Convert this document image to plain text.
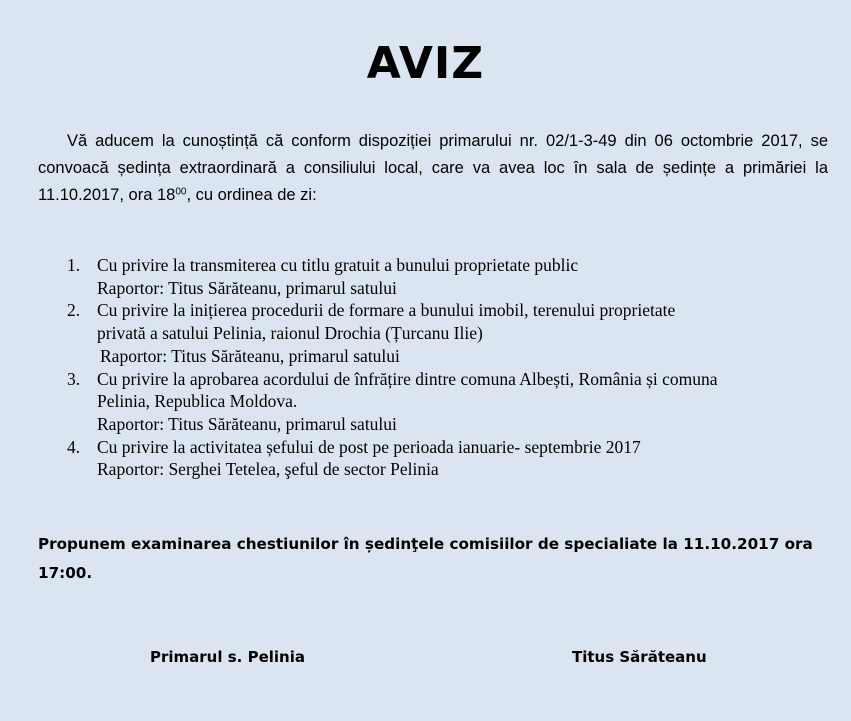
AVIZ
Vă aducem la cunoștință că conform dispoziției primarului nr. 02/1-3-49 din 06 octombrie 2017, se convoacă ședința extraordinară a consiliului local, care va avea loc în sala de ședințe a primăriei la 11.10.2017, ora $18^{00}$, cu ordinea de zi:
1. Cu privire la transmiterea cu titlu gratuit a bunului proprietate public
Raportor: Titus Sărăteanu, primarul satului
2. Cu privire la inițierea procedurii de formare a bunului imobil, terenului proprietate
privată a satului Pelinia, raionul Drochia (Țurcanu Ilie)
Raportor: Titus Sărăteanu, primarul satului
3. Cu privire la aprobarea acordului de înfrățire dintre comuna Albești, România și comuna
Pelinia, Republica Moldova.
Raportor: Titus Sărăteanu, primarul satului
4. Cu privire la activitatea șefului de post pe perioada ianuarie- septembrie 2017
Raportor: Serghei Tetelea, şeful de sector Pelinia
Propunem examinarea chestiunilor în ședinţele comisiilor de specialiate la 11.10.2017 ora 17:00.
Primarul s. Pelinia	Titus Sărăteanu
